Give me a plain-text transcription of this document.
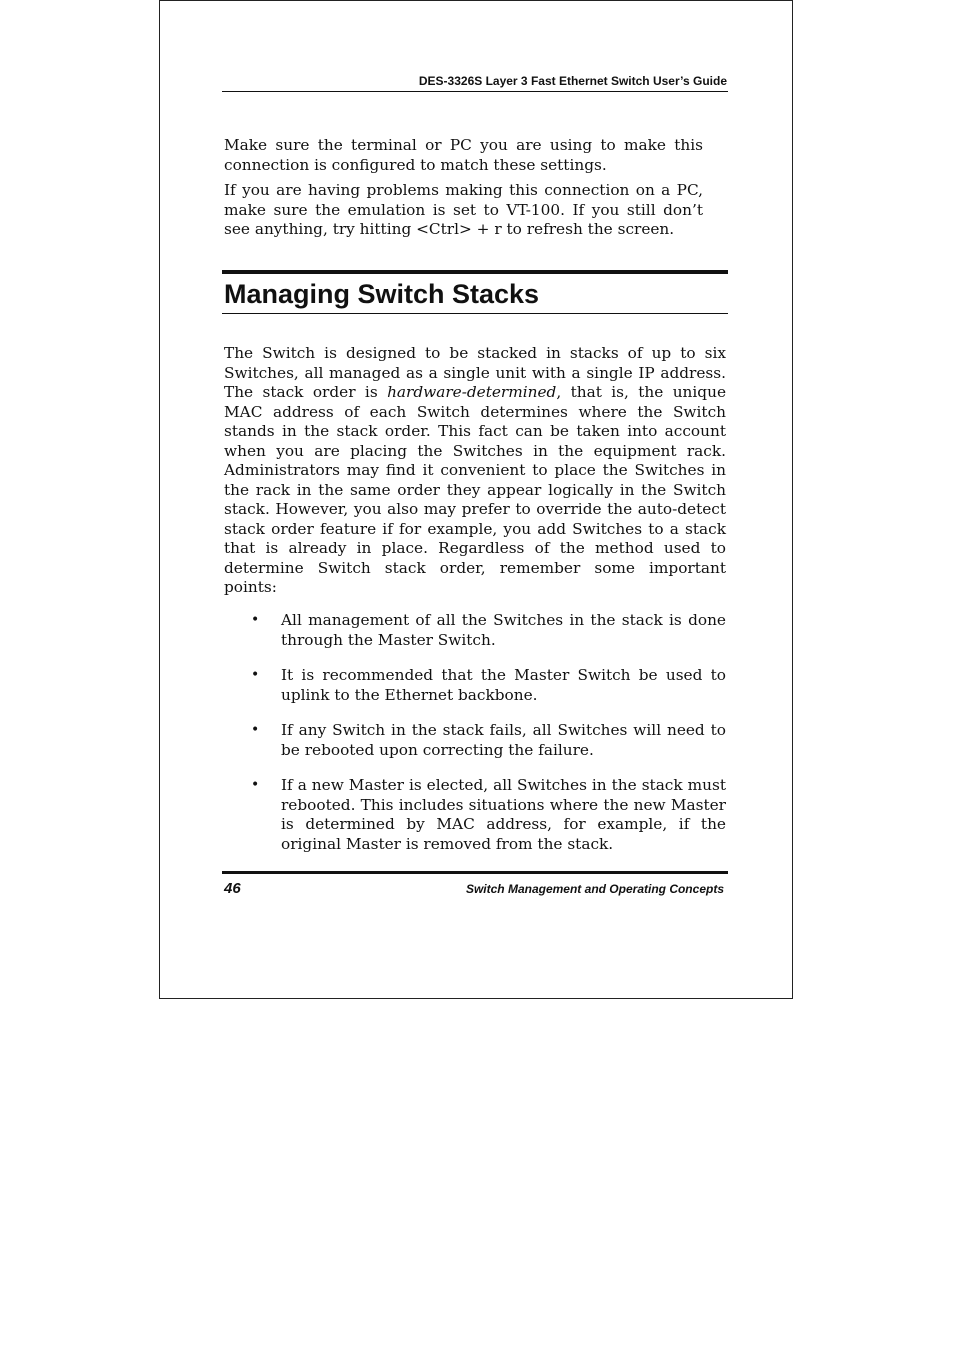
DES-3326S Layer 3 Fast Ethernet Switch User’s Guide

Make sure the terminal or PC you are using to make this connection is configured to match these settings.

If you are having problems making this connection on a PC, make sure the emulation is set to VT-100. If you still don’t see anything, try hitting <Ctrl> + r to refresh the screen.

Managing Switch Stacks

The Switch is designed to be stacked in stacks of up to six Switches, all managed as a single unit with a single IP address. The stack order is hardware-determined, that is, the unique MAC address of each Switch determines where the Switch stands in the stack order. This fact can be taken into account when you are placing the Switches in the equipment rack. Administrators may find it convenient to place the Switches in the rack in the same order they appear logically in the Switch stack. However, you also may prefer to override the auto-detect stack order feature if for example, you add Switches to a stack that is already in place. Regardless of the method used to determine Switch stack order, remember some important points:

• All management of all the Switches in the stack is done through the Master Switch.
• It is recommended that the Master Switch be used to uplink to the Ethernet backbone.
• If any Switch in the stack fails, all Switches will need to be rebooted upon correcting the failure.
• If a new Master is elected, all Switches in the stack must rebooted. This includes situations where the new Master is determined by MAC address, for example, if the original Master is removed from the stack.
46	Switch Management and Operating Concepts
